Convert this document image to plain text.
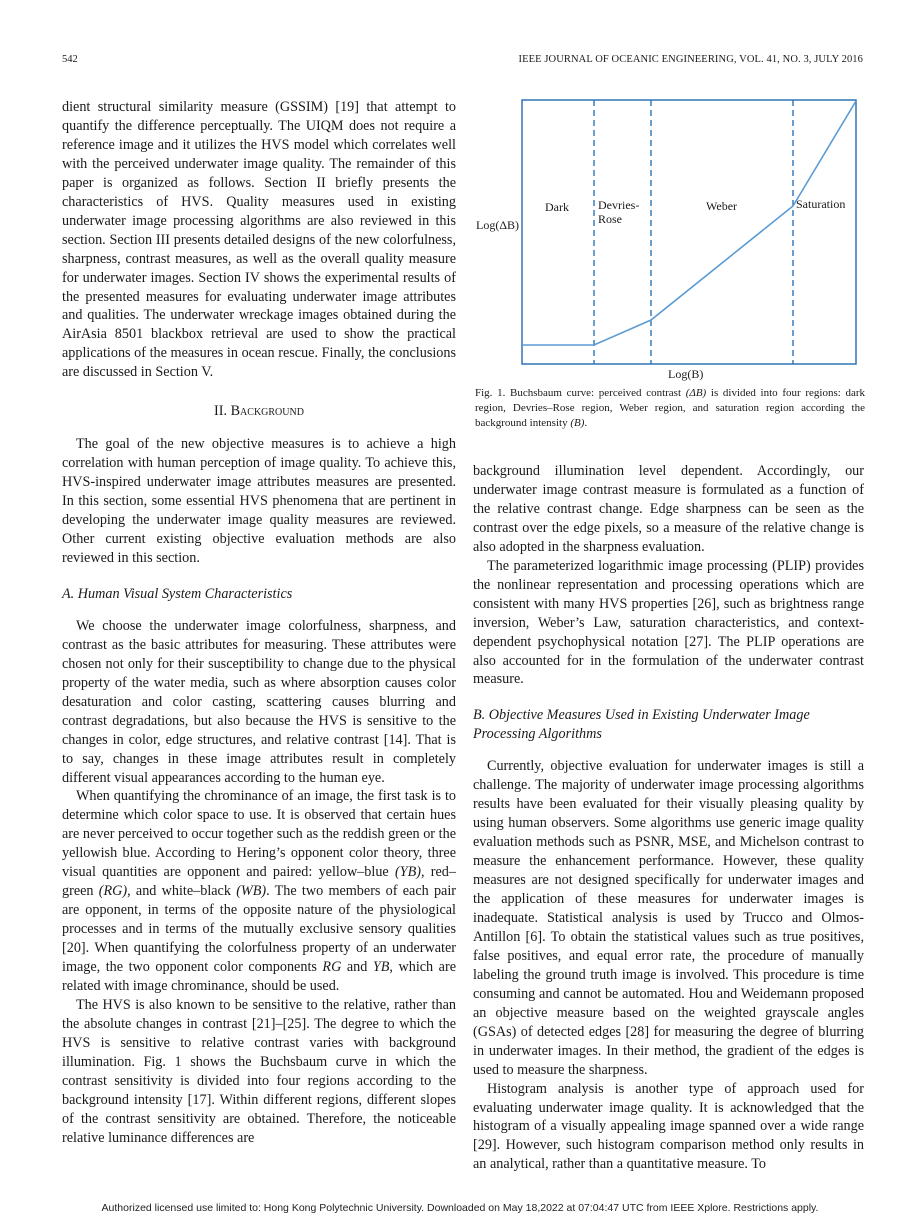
542	IEEE JOURNAL OF OCEANIC ENGINEERING, VOL. 41, NO. 3, JULY 2016

dient structural similarity measure (GSSIM) [19] that attempt to quantify the difference perceptually. The UIQM does not require a reference image and it utilizes the HVS model which correlates well with the perceived underwater image quality. The remainder of this paper is organized as follows. Section II briefly presents the characteristics of HVS. Quality measures used in existing underwater image processing algorithms are also reviewed in this section. Section III presents detailed designs of the new colorfulness, sharpness, contrast measures, as well as the overall quality measure for underwater images. Section IV shows the experimental results of the presented measures for evaluating underwater image attributes and qualities. The underwater wreckage images obtained during the AirAsia 8501 blackbox retrieval are used to show the practical applications of the measures in ocean rescue. Finally, the conclusions are discussed in Section V.

II. Background

The goal of the new objective measures is to achieve a high correlation with human perception of image quality. To achieve this, HVS-inspired underwater image attributes measures are presented. In this section, some essential HVS phenomena that are pertinent in developing the underwater image quality measures are reviewed. Other current existing objective evaluation methods are also reviewed in this section.

A. Human Visual System Characteristics

We choose the underwater image colorfulness, sharpness, and contrast as the basic attributes for measuring. These attributes were chosen not only for their susceptibility to change due to the physical property of the water media, such as where absorption causes color desaturation and color casting, scattering causes blurring and contrast degradations, but also because the HVS is sensitive to the changes in color, edge structures, and relative contrast [14]. That is to say, changes in these image attributes result in completely different visual appearances according to the human eye.

When quantifying the chrominance of an image, the first task is to determine which color space to use. It is observed that certain hues are never perceived to occur together such as the reddish green or the yellowish blue. According to Hering’s opponent color theory, three visual quantities are opponent and paired: yellow–blue (YB), red–green (RG), and white–black (WB). The two members of each pair are opponent, in terms of the opposite nature of the physiological processes and in terms of the mutually exclusive sensory qualities [20]. When quantifying the colorfulness property of an underwater image, the two opponent color components RG and YB, which are related with image chrominance, should be used.

The HVS is also known to be sensitive to the relative, rather than the absolute changes in contrast [21]–[25]. The degree to which the HVS is sensitive to relative contrast varies with background illumination. Fig. 1 shows the Buchsbaum curve in which the contrast sensitivity is divided into four regions according to the background intensity [17]. Within different regions, different slopes of the contrast sensitivity are obtained. Therefore, the noticeable relative luminance differences are

Dark Devries-
Rose
Weber	Saturation
Log(ΔB)
Log(B)
Fig. 1. Buchsbaum curve: perceived contrast (ΔB) is divided into four regions: dark region, Devries–Rose region, Weber region, and saturation region according the background intensity (B).

background illumination level dependent. Accordingly, our underwater image contrast measure is formulated as a function of the relative contrast change. Edge sharpness can be seen as the contrast over the edge pixels, so a measure of the relative change is also adopted in the sharpness evaluation.

The parameterized logarithmic image processing (PLIP) provides the nonlinear representation and processing operations which are consistent with many HVS properties [26], such as brightness range inversion, Weber’s Law, saturation characteristics, and context-dependent psychophysical notation [27]. The PLIP operations are also accounted for in the formulation of the underwater contrast measure.

B. Objective Measures Used in Existing Underwater Image Processing Algorithms

Currently, objective evaluation for underwater images is still a challenge. The majority of underwater image processing algorithms results have been evaluated for their visually pleasing quality by using human observers. Some algorithms use generic image quality evaluation methods such as PSNR, MSE, and Michelson contrast to measure the enhancement performance. However, these quality measures are not designed specifically for underwater images and the application of these measures for underwater images is inadequate. Statistical analysis is used by Trucco and Olmos-Antillon [6]. To obtain the statistical values such as true positives, false positives, and equal error rate, the procedure of manually labeling the ground truth image is involved. This procedure is time consuming and cannot be automated. Hou and Weidemann proposed an objective measure based on the weighted grayscale angles (GSAs) of detected edges [28] for measuring the degree of blurring in underwater images. In their method, the gradient of the edges is used to measure the sharpness.

Histogram analysis is another type of approach used for evaluating underwater image quality. It is acknowledged that the histogram of a visually appealing image spanned over a wide range [29]. However, such histogram comparison method only results in an analytical, rather than a quantitative measure. To

Authorized licensed use limited to: Hong Kong Polytechnic University. Downloaded on May 18,2022 at 07:04:47 UTC from IEEE Xplore. Restrictions apply.
